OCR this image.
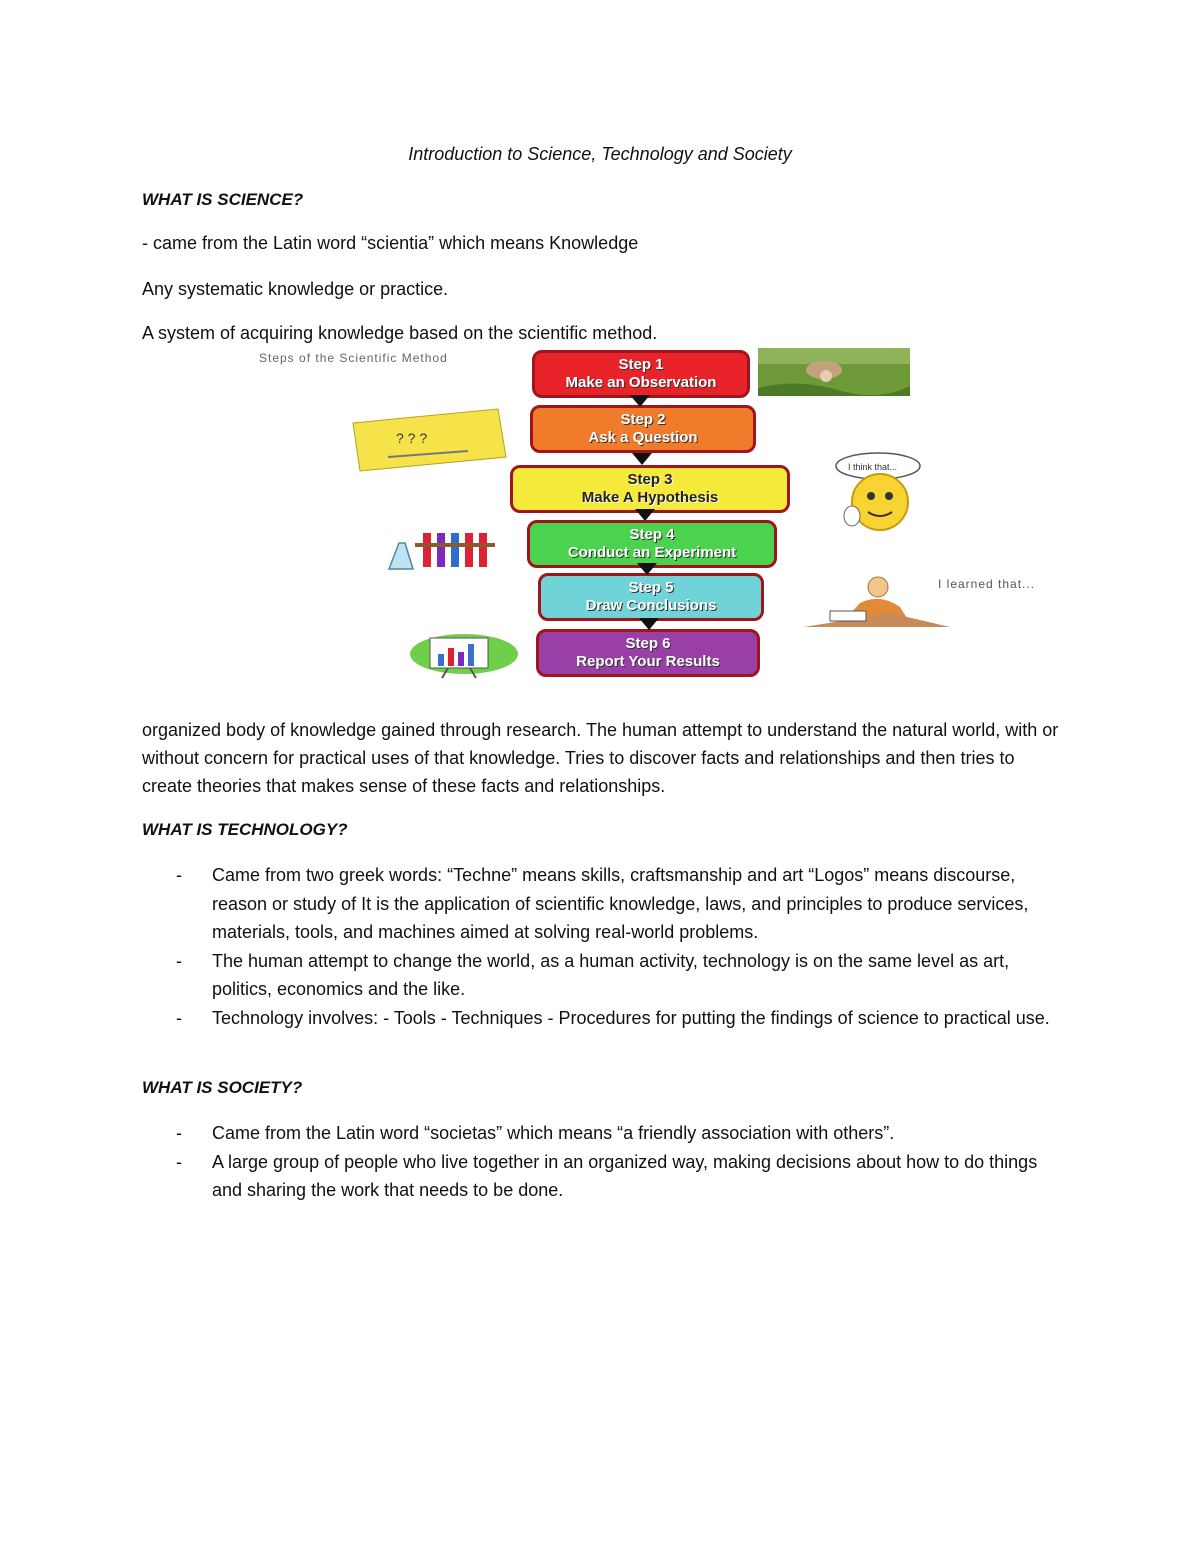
Introduction to Science, Technology and Society
WHAT IS SCIENCE?
- came from the Latin word “scientia” which means Knowledge
Any systematic knowledge or practice.
A system of acquiring knowledge based on the scientific method.
Steps of the Scientific Method	Step 1
Make an Observation
Step 2
Ask a Question
Step 3
Make A Hypothesis
Step 4
Conduct an Experiment
Step 5
Draw Conclusions
Step 6
Report Your Results
? ? ?
I think that...
I learned that...
organized body of knowledge gained through research. The human attempt to understand the natural world, with or without concern for practical uses of that knowledge. Tries to discover facts and relationships and then tries to create theories that makes sense of these facts and relationships.
WHAT IS TECHNOLOGY?
- Came from two greek words: “Techne” means skills, craftsmanship and art “Logos” means discourse, reason or study of It is the application of scientific knowledge, laws, and principles to produce services, materials, tools, and machines aimed at solving real-world problems.
- The human attempt to change the world, as a human activity, technology is on the same level as art, politics, economics and the like.
- Technology involves: - Tools - Techniques - Procedures for putting the findings of science to practical use.
WHAT IS SOCIETY?
- Came from the Latin word “societas” which means “a friendly association with others”.
- A large group of people who live together in an organized way, making decisions about how to do things and sharing the work that needs to be done.
